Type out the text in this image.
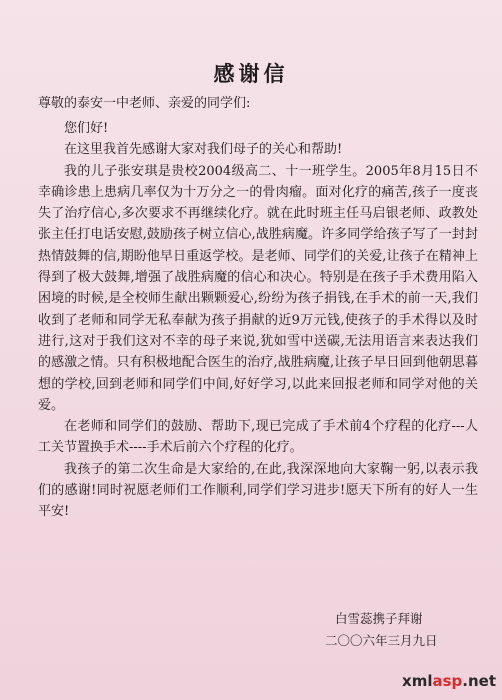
感谢信
尊敬的泰安一中老师、亲爱的同学们:

您们好!

在这里我首先感谢大家对我们母子的关心和帮助!

我的儿子张安琪是贵校2004级高二、十一班学生。2005年8月15日不幸确诊患上患病几率仅为十万分之一的骨肉瘤。面对化疗的痛苦,孩子一度丧失了治疗信心,多次要求不再继续化疗。就在此时班主任马启银老师、政教处张主任打电话安慰,鼓励孩子树立信心,战胜病魔。许多同学给孩子写了一封封热情鼓舞的信,期盼他早日重返学校。是老师、同学们的关爱,让孩子在精神上得到了极大鼓舞,增强了战胜病魔的信心和决心。特别是在孩子手术费用陷入困境的时候,是全校师生献出颗颗爱心,纷纷为孩子捐钱,在手术的前一天,我们收到了老师和同学无私奉献为孩子捐献的近9万元钱,使孩子的手术得以及时进行,这对于我们这对不幸的母子来说,犹如雪中送碳,无法用语言来表达我们的感激之情。只有积极地配合医生的治疗,战胜病魔,让孩子早日回到他朝思暮想的学校,回到老师和同学们中间,好好学习,以此来回报老师和同学对他的关爱。

在老师和同学们的鼓励、帮助下,现已完成了手术前4个疗程的化疗---人工关节置换手术----手术后前六个疗程的化疗。

我孩子的第二次生命是大家给的,在此,我深深地向大家鞠一躬,以表示我们的感谢!同时祝愿老师们工作顺利,同学们学习进步!愿天下所有的好人一生平安!

白雪蕊携子拜谢
二〇〇六年三月九日
xmlasp.net
